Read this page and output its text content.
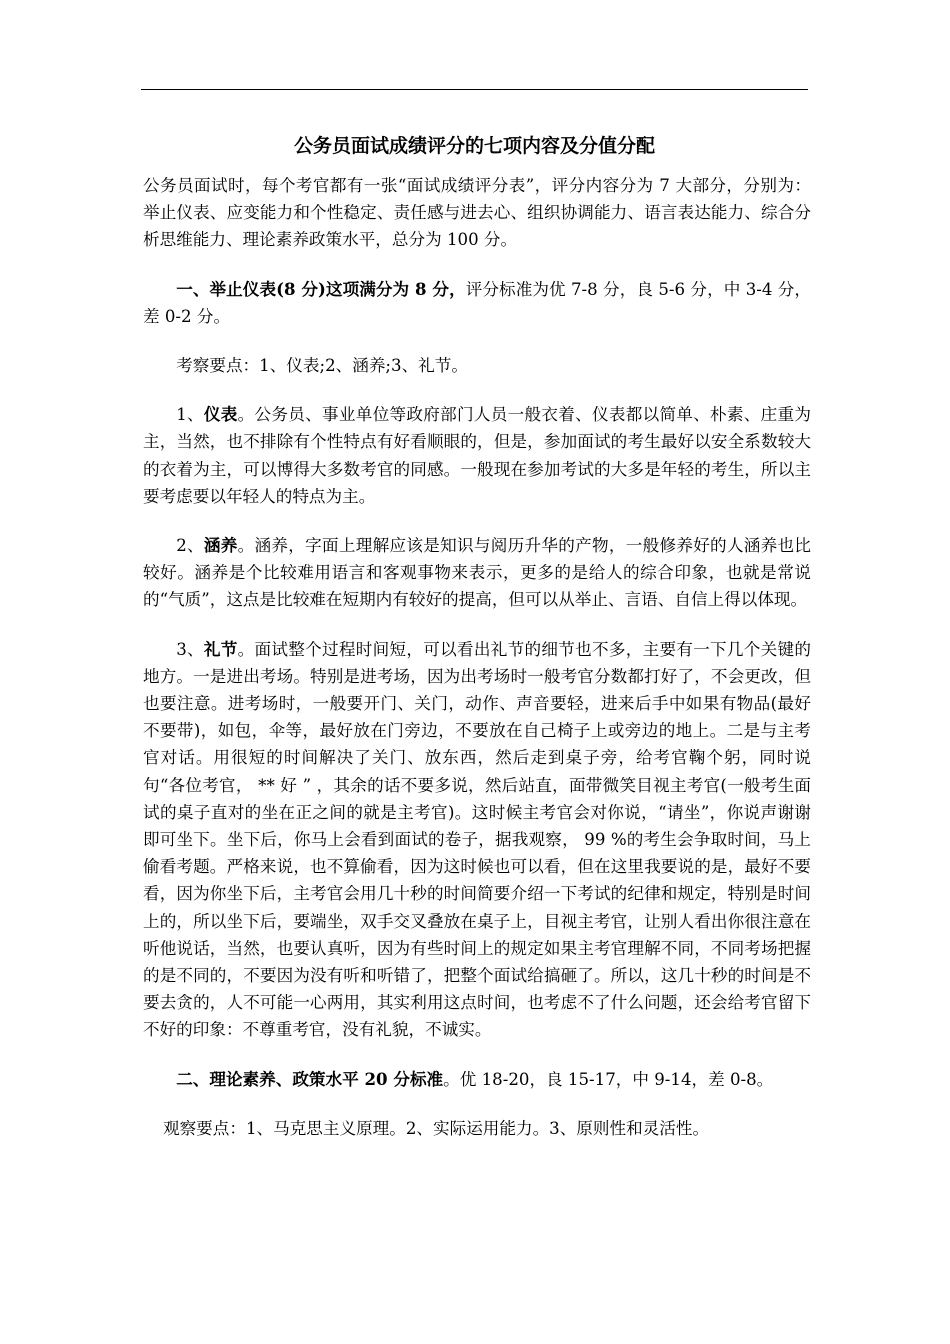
公务员面试成绩评分的七项内容及分值分配

公务员面试时，每个考官都有一张“面试成绩评分表”，评分内容分为 7 大部分，分别为：举止仪表、应变能力和个性稳定、责任感与进去心、组织协调能力、语言表达能力、综合分析思维能力、理论素养政策水平，总分为 100 分。

一、举止仪表(8 分)这项满分为 8 分，评分标准为优 7-8 分，良 5-6 分，中 3-4 分，差 0-2 分。

考察要点：1、仪表;2、涵养;3、礼节。

1、仪表。公务员、事业单位等政府部门人员一般衣着、仪表都以简单、朴素、庄重为主，当然，也不排除有个性特点有好看顺眼的，但是，参加面试的考生最好以安全系数较大的衣着为主，可以博得大多数考官的同感。一般现在参加考试的大多是年轻的考生，所以主要考虑要以年轻人的特点为主。

2、涵养。涵养，字面上理解应该是知识与阅历升华的产物，一般修养好的人涵养也比较好。涵养是个比较难用语言和客观事物来表示，更多的是给人的综合印象，也就是常说的“气质”，这点是比较难在短期内有较好的提高，但可以从举止、言语、自信上得以体现。

3、礼节。面试整个过程时间短，可以看出礼节的细节也不多，主要有一下几个关键的地方。一是进出考场。特别是进考场，因为出考场时一般考官分数都打好了，不会更改，但也要注意。进考场时，一般要开门、关门，动作、声音要轻，进来后手中如果有物品(最好不要带)，如包，伞等，最好放在门旁边，不要放在自己椅子上或旁边的地上。二是与主考官对话。用很短的时间解决了关门、放东西，然后走到桌子旁，给考官鞠个躬，同时说句“各位考官， ** 好 ” ，其余的话不要多说，然后站直，面带微笑目视主考官(一般考生面试的桌子直对的坐在正之间的就是主考官)。这时候主考官会对你说，“请坐”，你说声谢谢即可坐下。坐下后，你马上会看到面试的卷子，据我观察， 99 %的考生会争取时间，马上偷看考题。严格来说，也不算偷看，因为这时候也可以看，但在这里我要说的是，最好不要看，因为你坐下后，主考官会用几十秒的时间简要介绍一下考试的纪律和规定，特别是时间上的，所以坐下后，要端坐，双手交叉叠放在桌子上，目视主考官，让别人看出你很注意在听他说话，当然，也要认真听，因为有些时间上的规定如果主考官理解不同，不同考场把握的是不同的，不要因为没有听和听错了，把整个面试给搞砸了。所以，这几十秒的时间是不要去贪的，人不可能一心两用，其实利用这点时间，也考虑不了什么问题，还会给考官留下不好的印象：不尊重考官，没有礼貌，不诚实。

二、理论素养、政策水平 20 分标准。优 18-20，良 15-17，中 9-14，差 0-8。

观察要点：1、马克思主义原理。2、实际运用能力。3、原则性和灵活性。
